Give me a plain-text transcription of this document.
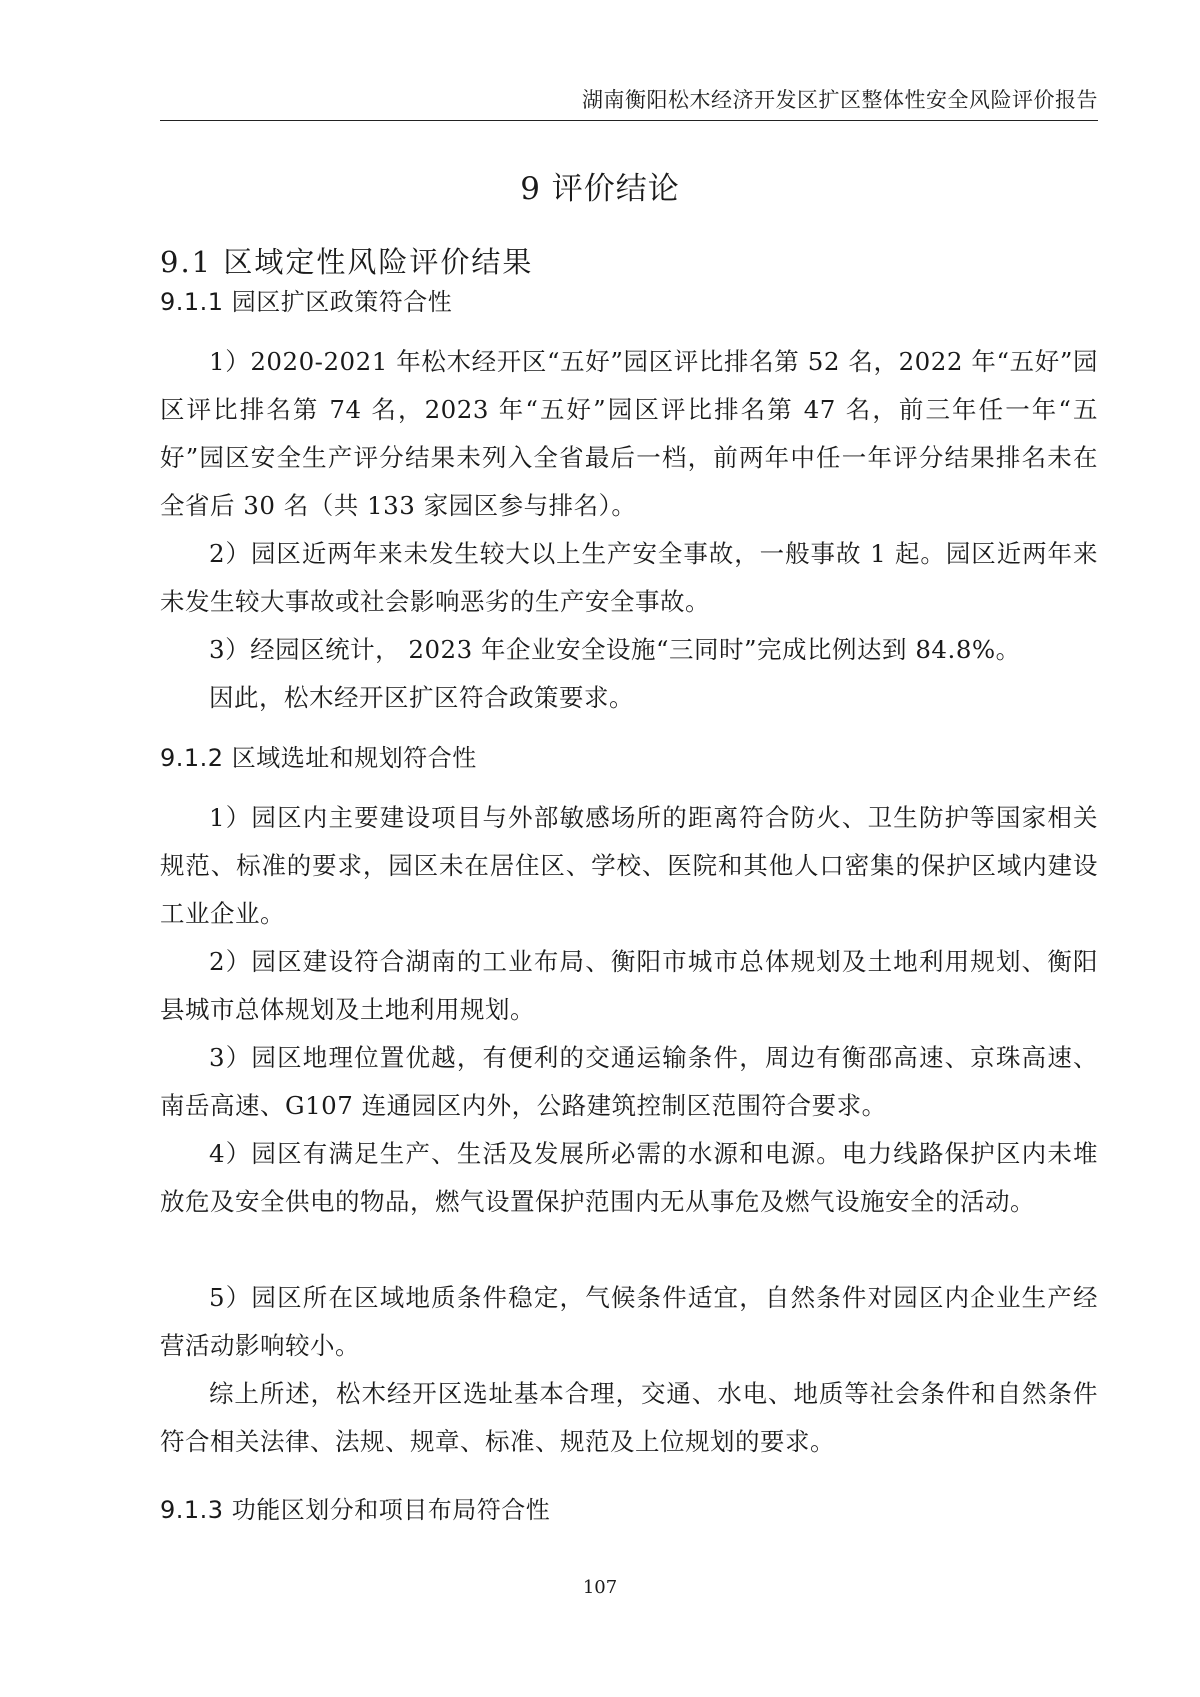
湖南衡阳松木经济开发区扩区整体性安全风险评价报告
9 评价结论
9.1 区域定性风险评价结果
9.1.1 园区扩区政策符合性

1）2020-2021 年松木经开区“五好”园区评比排名第 52 名，2022 年“五好”园区评比排名第 74 名，2023 年“五好”园区评比排名第 47 名，前三年任一年“五好”园区安全生产评分结果未列入全省最后一档，前两年中任一年评分结果排名未在全省后 30 名（共 133 家园区参与排名）。

2）园区近两年来未发生较大以上生产安全事故，一般事故 1 起。园区近两年来未发生较大事故或社会影响恶劣的生产安全事故。

3）经园区统计， 2023 年企业安全设施“三同时”完成比例达到 84.8%。

因此，松木经开区扩区符合政策要求。

9.1.2 区域选址和规划符合性

1）园区内主要建设项目与外部敏感场所的距离符合防火、卫生防护等国家相关规范、标准的要求，园区未在居住区、学校、医院和其他人口密集的保护区域内建设工业企业。

2）园区建设符合湖南的工业布局、衡阳市城市总体规划及土地利用规划、衡阳县城市总体规划及土地利用规划。

3）园区地理位置优越，有便利的交通运输条件，周边有衡邵高速、京珠高速、南岳高速、G107 连通园区内外，公路建筑控制区范围符合要求。

4）园区有满足生产、生活及发展所必需的水源和电源。电力线路保护区内未堆放危及安全供电的物品，燃气设置保护范围内无从事危及燃气设施安全的活动。

5）园区所在区域地质条件稳定，气候条件适宜，自然条件对园区内企业生产经营活动影响较小。

综上所述，松木经开区选址基本合理，交通、水电、地质等社会条件和自然条件符合相关法律、法规、规章、标准、规范及上位规划的要求。

9.1.3 功能区划分和项目布局符合性
107
